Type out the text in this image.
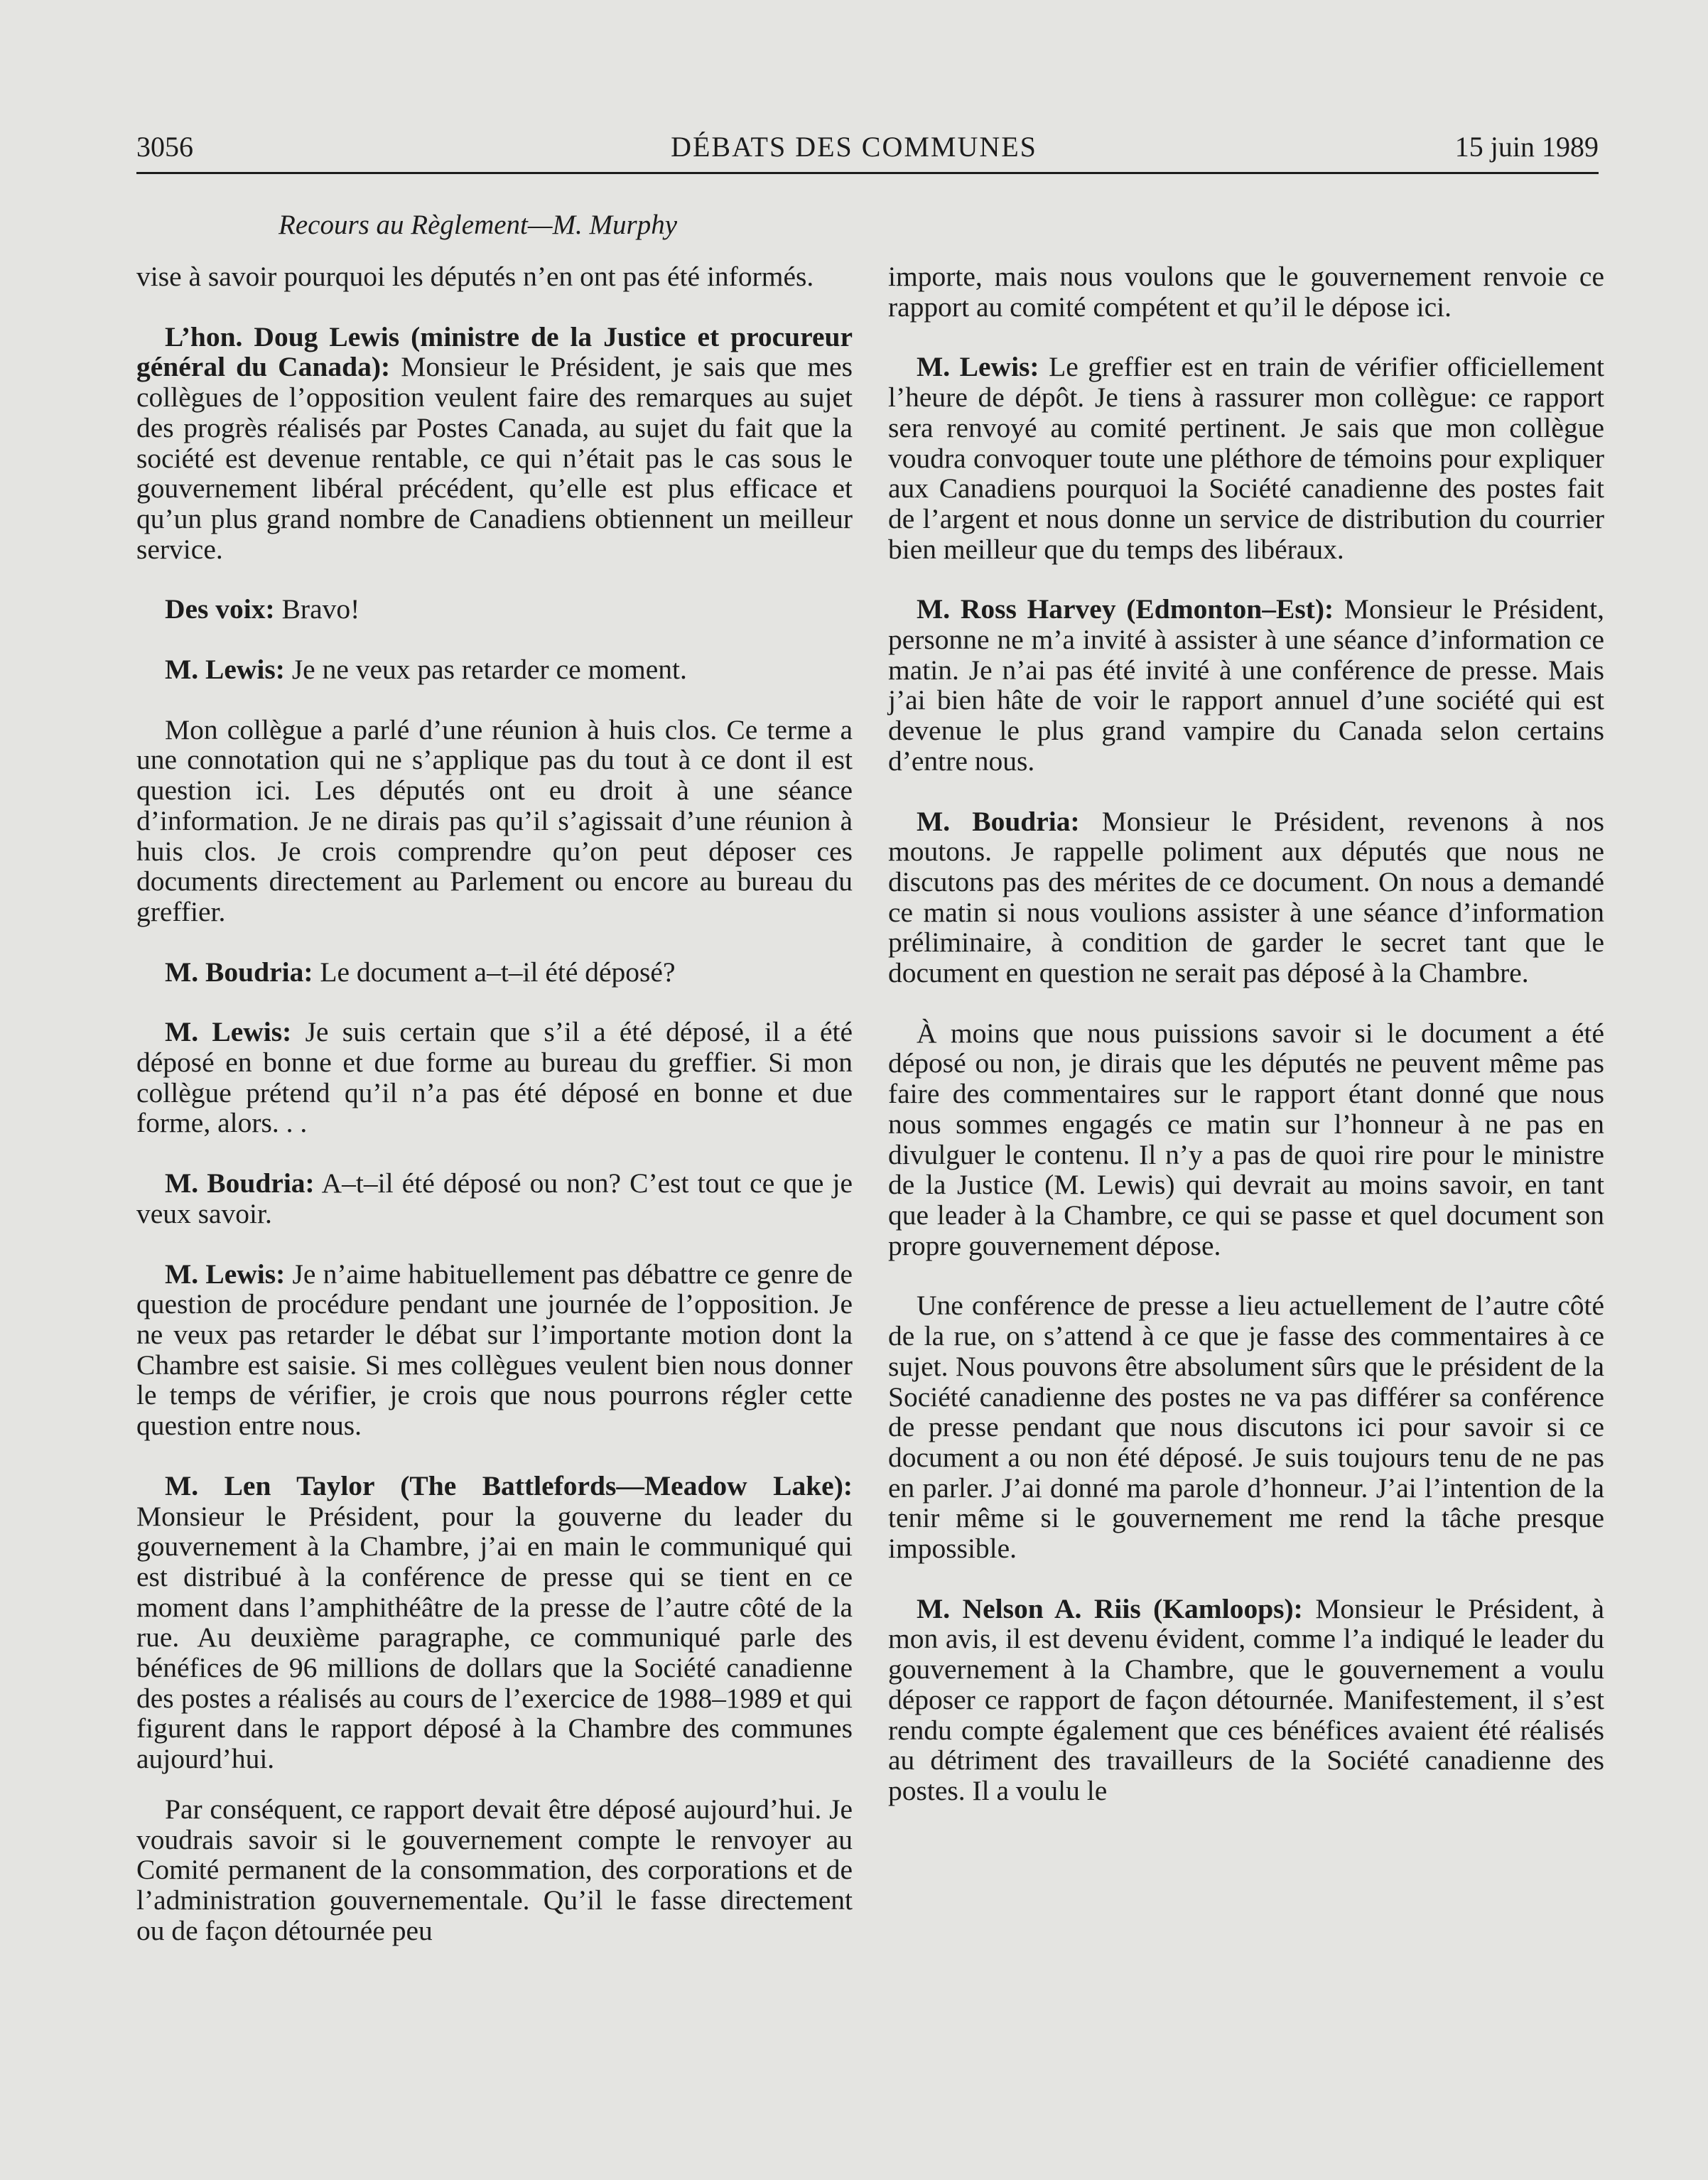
3056	DÉBATS DES COMMUNES	15 juin 1989
Recours au Règlement—M. Murphy

vise à savoir pourquoi les députés n’en ont pas été informés.

L’hon. Doug Lewis (ministre de la Justice et procureur général du Canada): Monsieur le Président, je sais que mes collègues de l’opposition veulent faire des remarques au sujet des progrès réalisés par Postes Canada, au sujet du fait que la société est devenue rentable, ce qui n’était pas le cas sous le gouvernement libéral précédent, qu’elle est plus efficace et qu’un plus grand nombre de Canadiens obtiennent un meilleur service.

Des voix: Bravo!

M. Lewis: Je ne veux pas retarder ce moment.

Mon collègue a parlé d’une réunion à huis clos. Ce terme a une connotation qui ne s’applique pas du tout à ce dont il est question ici. Les députés ont eu droit à une séance d’information. Je ne dirais pas qu’il s’agissait d’une réunion à huis clos. Je crois comprendre qu’on peut déposer ces documents directement au Parlement ou encore au bureau du greffier.

M. Boudria: Le document a–t–il été déposé?

M. Lewis: Je suis certain que s’il a été déposé, il a été déposé en bonne et due forme au bureau du greffier. Si mon collègue prétend qu’il n’a pas été déposé en bonne et due forme, alors. . .

M. Boudria: A–t–il été déposé ou non? C’est tout ce que je veux savoir.

M. Lewis: Je n’aime habituellement pas débattre ce genre de question de procédure pendant une journée de l’opposition. Je ne veux pas retarder le débat sur l’importante motion dont la Chambre est saisie. Si mes collègues veulent bien nous donner le temps de vérifier, je crois que nous pourrons régler cette question entre nous.

M. Len Taylor (The Battlefords—Meadow Lake): Monsieur le Président, pour la gouverne du leader du gouvernement à la Chambre, j’ai en main le communiqué qui est distribué à la conférence de presse qui se tient en ce moment dans l’amphithéâtre de la presse de l’autre côté de la rue. Au deuxième paragraphe, ce communiqué parle des bénéfices de 96 millions de dollars que la Société canadienne des postes a réalisés au cours de l’exercice de 1988–1989 et qui figurent dans le rapport déposé à la Chambre des communes aujourd’hui.

Par conséquent, ce rapport devait être déposé aujourd’hui. Je voudrais savoir si le gouvernement compte le renvoyer au Comité permanent de la consommation, des corporations et de l’administration gouvernementale. Qu’il le fasse directement ou de façon détournée peu

importe, mais nous voulons que le gouvernement renvoie ce rapport au comité compétent et qu’il le dépose ici.

M. Lewis: Le greffier est en train de vérifier officiellement l’heure de dépôt. Je tiens à rassurer mon collègue: ce rapport sera renvoyé au comité pertinent. Je sais que mon collègue voudra convoquer toute une pléthore de témoins pour expliquer aux Canadiens pourquoi la Société canadienne des postes fait de l’argent et nous donne un service de distribution du courrier bien meilleur que du temps des libéraux.

M. Ross Harvey (Edmonton–Est): Monsieur le Président, personne ne m’a invité à assister à une séance d’information ce matin. Je n’ai pas été invité à une conférence de presse. Mais j’ai bien hâte de voir le rapport annuel d’une société qui est devenue le plus grand vampire du Canada selon certains d’entre nous.

M. Boudria: Monsieur le Président, revenons à nos moutons. Je rappelle poliment aux députés que nous ne discutons pas des mérites de ce document. On nous a demandé ce matin si nous voulions assister à une séance d’information préliminaire, à condition de garder le secret tant que le document en question ne serait pas déposé à la Chambre.

À moins que nous puissions savoir si le document a été déposé ou non, je dirais que les députés ne peuvent même pas faire des commentaires sur le rapport étant donné que nous nous sommes engagés ce matin sur l’honneur à ne pas en divulguer le contenu. Il n’y a pas de quoi rire pour le ministre de la Justice (M. Lewis) qui devrait au moins savoir, en tant que leader à la Chambre, ce qui se passe et quel document son propre gouvernement dépose.

Une conférence de presse a lieu actuellement de l’autre côté de la rue, on s’attend à ce que je fasse des commentaires à ce sujet. Nous pouvons être absolument sûrs que le président de la Société canadienne des postes ne va pas différer sa conférence de presse pendant que nous discutons ici pour savoir si ce document a ou non été déposé. Je suis toujours tenu de ne pas en parler. J’ai donné ma parole d’honneur. J’ai l’intention de la tenir même si le gouvernement me rend la tâche presque impossible.

M. Nelson A. Riis (Kamloops): Monsieur le Président, à mon avis, il est devenu évident, comme l’a indiqué le leader du gouvernement à la Chambre, que le gouvernement a voulu déposer ce rapport de façon détournée. Manifestement, il s’est rendu compte également que ces bénéfices avaient été réalisés au détriment des travailleurs de la Société canadienne des postes. Il a voulu le
